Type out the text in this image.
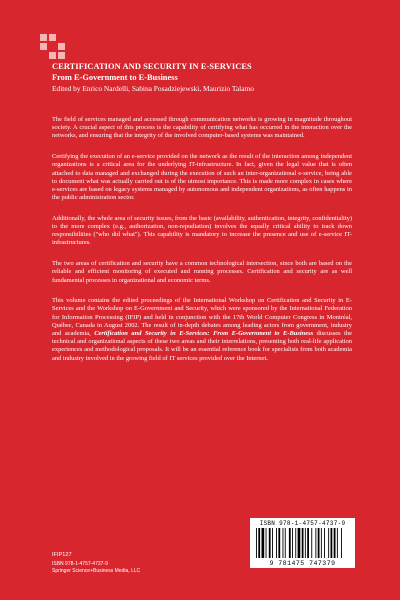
CERTIFICATION AND SECURITY IN E-SERVICES
From E-Government to E-Business
Edited by Enrico Nardelli, Sabina Posadziejewski, Maurizio Talamo

The field of services managed and accessed through communication networks is growing in magnitude throughout society. A crucial aspect of this process is the capability of certifying what has occurred in the interaction over the networks, and ensuring that the integrity of the involved computer-based systems was maintained.

Certifying the execution of an e-service provided on the network as the result of the interaction among independent organizations is a critical area for the underlying IT-infrastructure. In fact, given the legal value that is often attached to data managed and exchanged during the execution of such an inter-organizational e-service, being able to document what was actually carried out is of the utmost importance. This is made more complex in cases where e-services are based on legacy systems managed by autonomous and independent organizations, as often happens in the public administration sector.

Additionally, the whole area of security issues, from the basic (availability, authentication, integrity, confidentiality) to the more complex (e.g., authorization, non-repudiation) involves the equally critical ability to track down responsibilities ("who did what"). This capability is mandatory to increase the presence and use of e-service IT-infrastructures.

The two areas of certification and security have a common technological intersection, since both are based on the reliable and efficient monitoring of executed and running processes. Certification and security are as well fundamental processes in organizational and economic terms.

This volume contains the edited proceedings of the International Workshop on Certification and Security in E-Services and the Workshop on E-Government and Security, which were sponsored by the International Federation for Information Processing (IFIP) and held in conjunction with the 17th World Computer Congress in Montréal, Québec, Canada in August 2002. The result of in-depth debates among leading actors from government, industry and academia, Certification and Security in E-Services: From E-Government to E-Business discusses the technical and organizational aspects of these two areas and their interrelations, presenting both real-life application experiences and methodological proposals. It will be an essential reference book for specialists from both academia and industry involved in the growing field of IT services provided over the Internet.

ISBN 978-1-4757-4737-9
9 781475 747379
IFIP127
ISBN 978-1-4757-4737-9
Springer Science+Business Media, LLC
